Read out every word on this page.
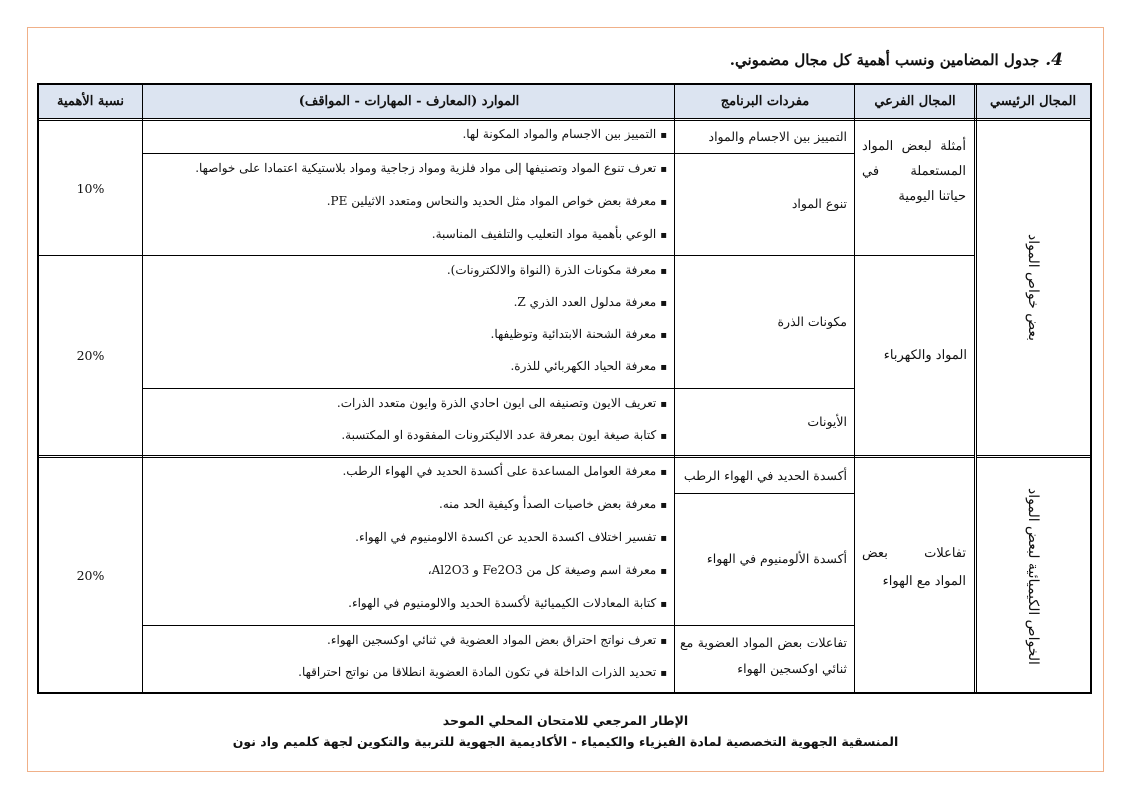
4.جدول المضامين ونسب أهمية كل مجال مضموني.
المجال الرئيسي
المجال الفرعي
مفردات البرنامج
الموارد (المعارف - المهارات - المواقف)
نسبة الأهمية
بعض خواص المواد
الخواص الكيميائية لبعض المواد
أمثلة لبعض المواد المستعملة في حياتنا اليومية
المواد والكهرباء
تفاعلات بعض المواد مع الهواء
التمييز بين الاجسام والمواد
تنوع المواد
مكونات الذرة
الأيونات
أكسدة الحديد في الهواء الرطب
أكسدة الألومنيوم في الهواء
تفاعلات بعض المواد العضوية مع ثنائي اوكسجين الهواء
▪ التمييز بين الاجسام والمواد المكونة لها.
▪ تعرف تنوع المواد وتصنيفها إلى مواد فلزية ومواد زجاجية ومواد بلاستيكية اعتمادا على خواصها.
▪ معرفة بعض خواص المواد مثل الحديد والنحاس ومتعدد الاثيلين PE.
▪ الوعي بأهمية مواد التعليب والتلفيف المناسبة.
▪ معرفة مكونات الذرة (النواة والالكترونات).
▪ معرفة مدلول العدد الذري Z.
▪ معرفة الشحنة الابتدائية وتوظيفها.
▪ معرفة الحياد الكهربائي للذرة.
▪ تعريف الايون وتصنيفه الى ايون احادي الذرة وايون متعدد الذرات.
▪ كتابة صيغة ايون بمعرفة عدد الاليكترونات المفقودة او المكتسبة.
▪ معرفة العوامل المساعدة على أكسدة الحديد في الهواء الرطب.
▪ معرفة بعض خاصيات الصدأ وكيفية الحد منه.
▪ تفسير اختلاف اكسدة الحديد عن اكسدة الالومنيوم في الهواء.
▪ معرفة اسم وصيغة كل من Fe2O3 و Al2O3،
▪ كتابة المعادلات الكيميائية لأكسدة الحديد والالومنيوم في الهواء.
▪ تعرف نواتج احتراق بعض المواد العضوية في ثنائي اوكسجين الهواء.
▪ تحديد الذرات الداخلة في تكون المادة العضوية انطلاقا من نواتج احتراقها.
10%
20%
20%
الإطار المرجعي للامتحان المحلي الموحد
المنسقية الجهوية التخصصية لمادة الفيزياء والكيمياء - الأكاديمية الجهوية للتربية والتكوين لجهة كلميم واد نون
